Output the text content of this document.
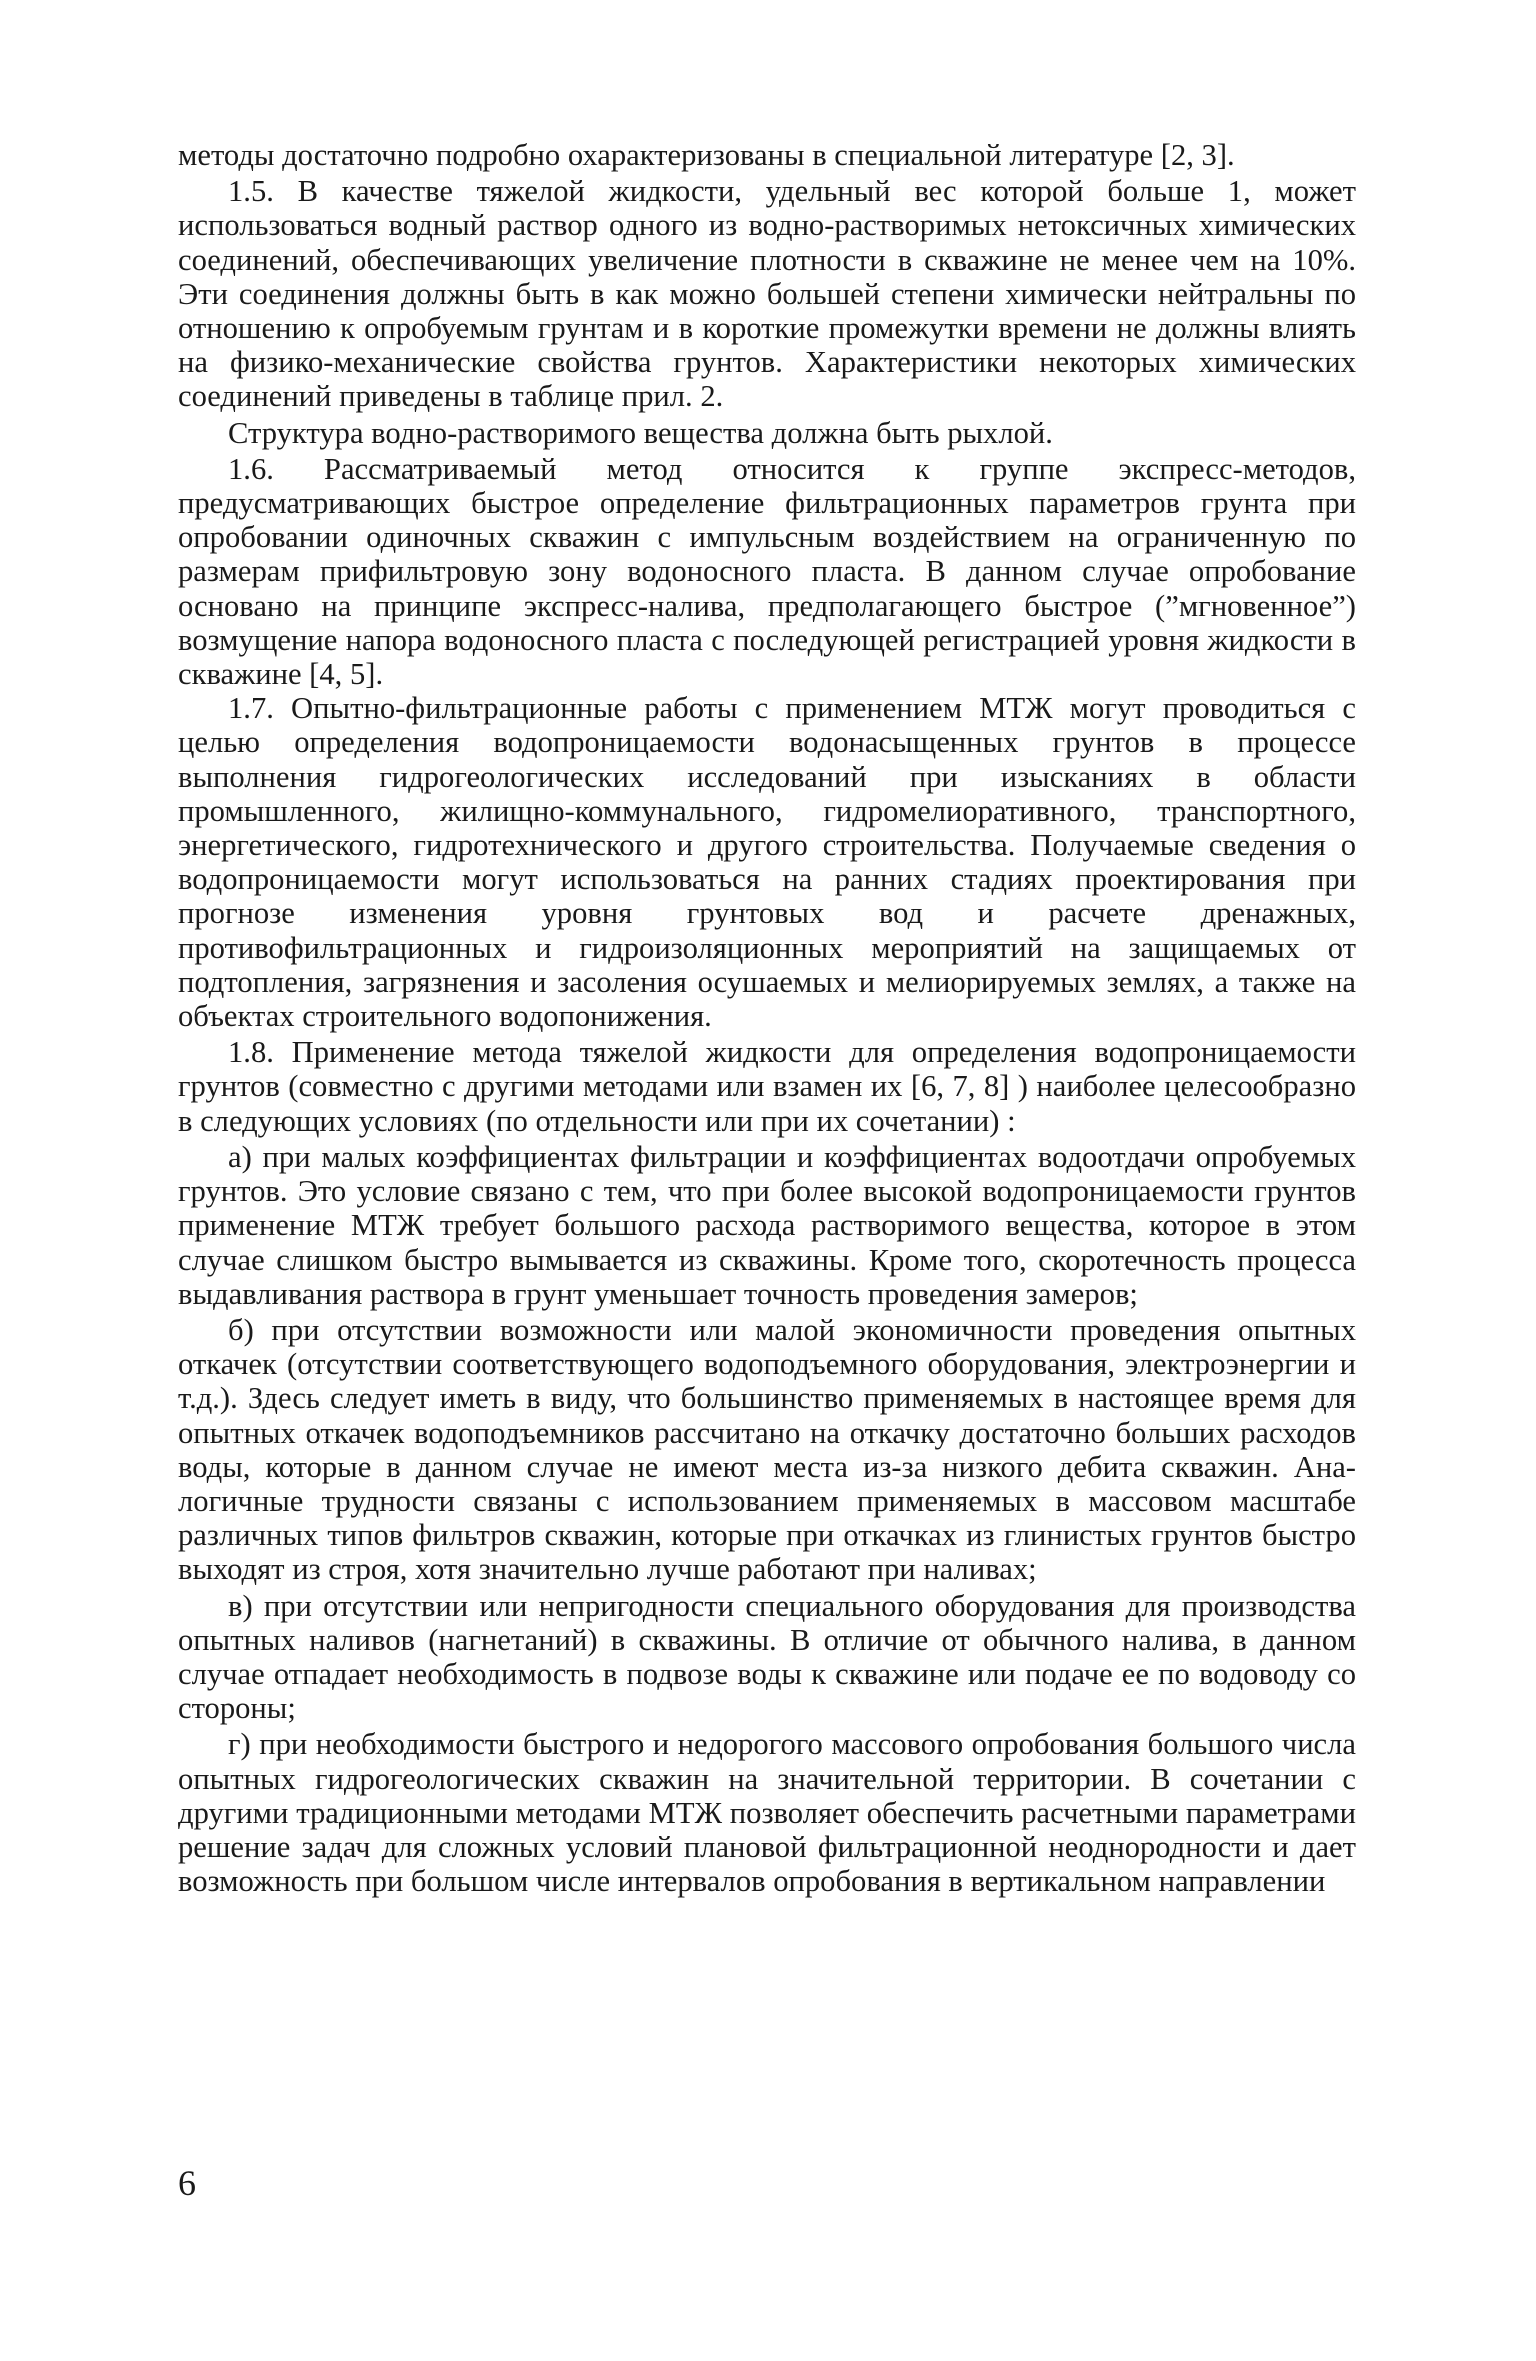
методы достаточно подробно охарактеризованы в специальной литературе [2, 3].

1.5. В качестве тяжелой жидкости, удельный вес которой больше 1, может использоваться водный раствор одного из водно-растворимых нетоксичных химических соединений, обеспечивающих увеличение плотности в скважине не менее чем на 10%. Эти соединения должны быть в как можно большей степени химически нейтральны по отношению к опробуемым грунтам и в короткие промежутки времени не должны влиять на физико-механические свойства грунтов. Характеристики некоторых химических соединений приведены в таблице прил. 2.

Структура водно-растворимого вещества должна быть рыхлой.

1.6. Рассматриваемый метод относится к группе экспресс-методов, предусматривающих быстрое определение фильтрационных параметров грунта при опробовании одиночных скважин с импульсным воздействием на ограниченную по размерам прифильтровую зону водоносного пласта. В данном случае опробование основано на принципе экспресс-налива, предполагающего быстрое (”мгновенное”) возмущение напора водоносного пласта с последующей регистрацией уровня жидкости в скважине [4, 5].

1.7. Опытно-фильтрационные работы с применением МТЖ могут проводиться с целью определения водопроницаемости водонасыщенных грунтов в процессе выполнения гидрогеологических исследований при изысканиях в области промышленного, жилищно-коммунального, гидромелиоративного, транспортного, энергетического, гидротехнического и другого строительства. Получаемые сведения о водопроницаемости могут использоваться на ранних стадиях проектирования при прогнозе изменения уровня грунтовых вод и расчете дренажных, противофильтрационных и гидроизоляционных мероприятий на защищаемых от подтопления, загрязнения и засоления осушаемых и мелиорируемых землях, а также на объектах строительного водопонижения.

1.8. Применение метода тяжелой жидкости для определения водопроницаемости грунтов (совместно с другими методами или взамен их [6, 7, 8] ) наиболее целесообразно в следующих условиях (по отдельности или при их сочетании) :

а) при малых коэффициентах фильтрации и коэффициентах водоотдачи опробуемых грунтов. Это условие связано с тем, что при более высокой водопроницаемости грунтов применение МТЖ требует большого расхода растворимого вещества, которое в этом случае слишком быстро вымывается из скважины. Кроме того, скоротечность процесса выдавливания раствора в грунт уменьшает точность проведения замеров;

б) при отсутствии возможности или малой экономичности проведения опытных откачек (отсутствии соответствующего водоподъемного оборудования, электроэнергии и т.д.). Здесь следует иметь в виду, что большинство применяемых в настоящее время для опытных откачек водоподъемников рассчитано на откачку достаточно больших расходов воды, которые в данном случае не имеют места из-за низкого дебита скважин. Аналогичные трудности связаны с использованием применяемых в массовом масштабе различных типов фильтров скважин, которые при откачках из глинистых грунтов быстро выходят из строя, хотя значительно лучше работают при наливах;

в) при отсутствии или непригодности специального оборудования для производства опытных наливов (нагнетаний) в скважины. В отличие от обычного налива, в данном случае отпадает необходимость в подвозе воды к скважине или подаче ее по водоводу со стороны;

г) при необходимости быстрого и недорогого массового опробования большого числа опытных гидрогеологических скважин на значительной территории. В сочетании с другими традиционными методами МТЖ позволяет обеспечить расчетными параметрами решение задач для сложных условий плановой фильтрационной неоднородности и дает возможность при большом числе интервалов опробования в вертикальном направлении

6
